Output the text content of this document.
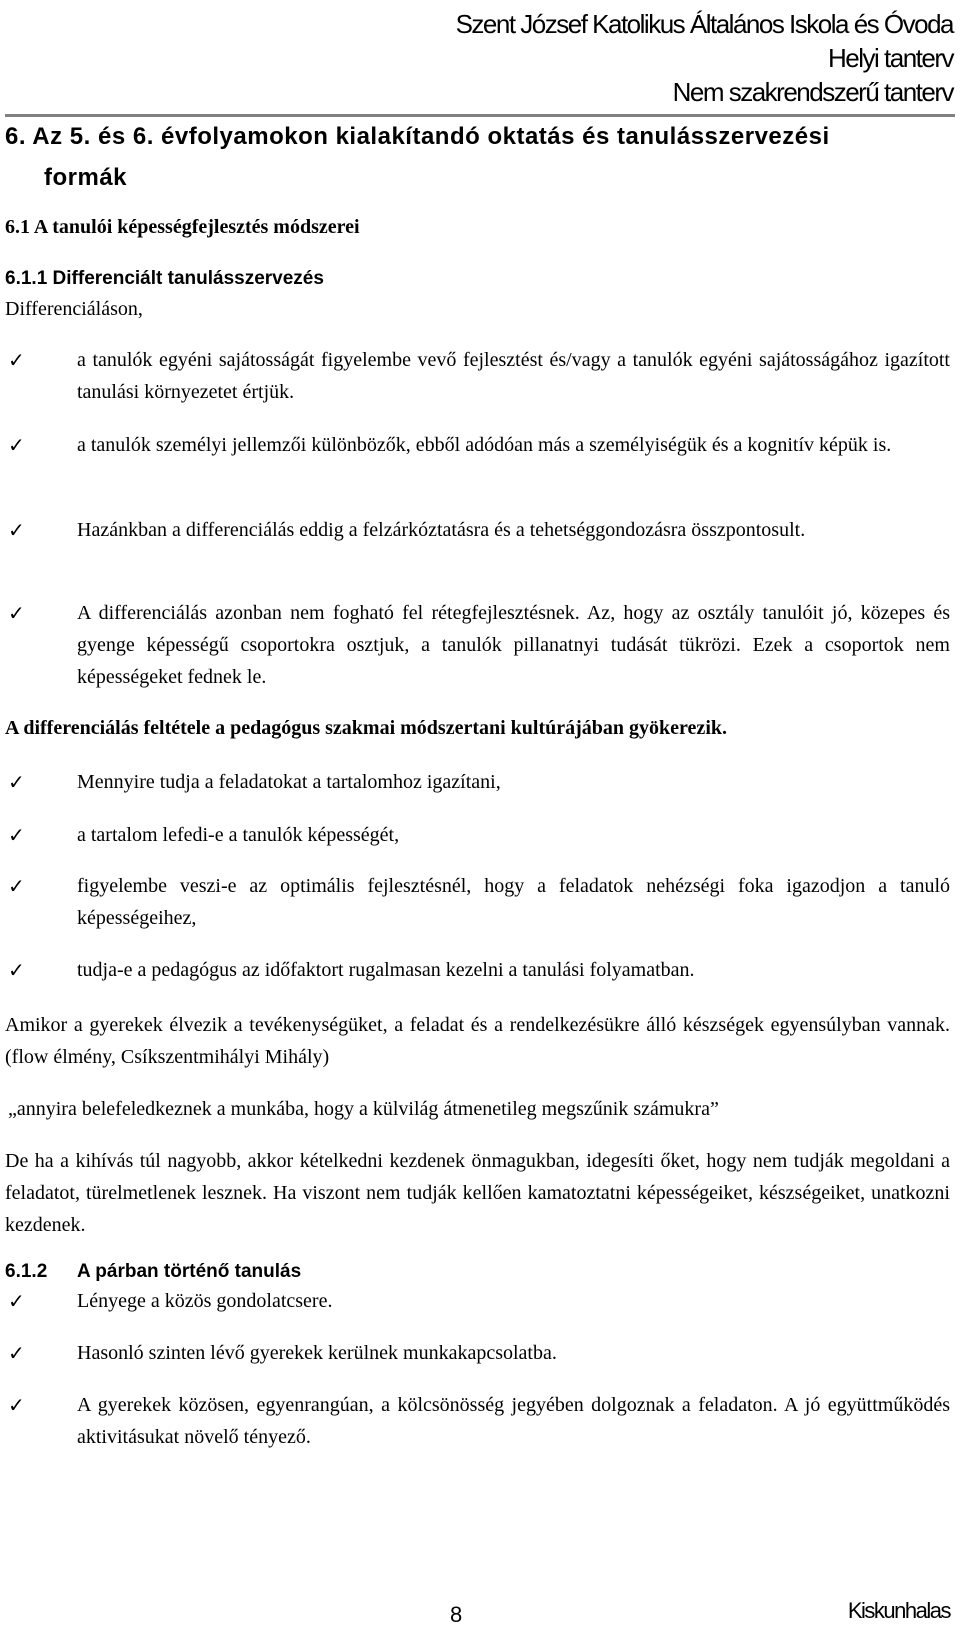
Szent József Katolikus Általános Iskola és Óvoda
Helyi tanterv
Nem szakrendszerű tanterv
6. Az 5. és 6. évfolyamokon kialakítandó oktatás és tanulásszervezési
formák
6.1 A tanulói képességfejlesztés módszerei
6.1.1 Differenciált tanulásszervezés
Differenciáláson,
✓	a tanulók egyéni sajátosságát figyelembe vevő fejlesztést és/vagy a tanulók egyéni sajátosságához igazított tanulási környezetet értjük.
✓	a tanulók személyi jellemzői különbözők, ebből adódóan más a személyiségük és a kognitív képük is.
✓	Hazánkban a differenciálás eddig a felzárkóztatásra és a tehetséggondozásra összpontosult.
✓	A differenciálás azonban nem fogható fel rétegfejlesztésnek. Az, hogy az osztály tanulóit jó, közepes és gyenge képességű csoportokra osztjuk, a tanulók pillanatnyi tudását tükrözi. Ezek a csoportok nem képességeket fednek le.
A differenciálás feltétele a pedagógus szakmai módszertani kultúrájában gyökerezik.
✓	Mennyire tudja a feladatokat a tartalomhoz igazítani,
✓	a tartalom lefedi-e a tanulók képességét,
✓	figyelembe veszi-e az optimális fejlesztésnél, hogy a feladatok nehézségi foka igazodjon a tanuló képességeihez,
✓	tudja-e a pedagógus az időfaktort rugalmasan kezelni a tanulási folyamatban.
Amikor a gyerekek élvezik a tevékenységüket, a feladat és a rendelkezésükre álló készségek egyensúlyban vannak. (flow élmény, Csíkszentmihályi Mihály)
„annyira belefeledkeznek a munkába, hogy a külvilág átmenetileg megszűnik számukra”
De ha a kihívás túl nagyobb, akkor kételkedni kezdenek önmagukban, idegesíti őket, hogy nem tudják megoldani a feladatot, türelmetlenek lesznek. Ha viszont nem tudják kellően kamatoztatni képességeiket, készségeiket, unatkozni kezdenek.
6.1.2 A párban történő tanulás
✓	Lényege a közös gondolatcsere.
✓	Hasonló szinten lévő gyerekek kerülnek munkakapcsolatba.
✓	A gyerekek közösen, egyenrangúan, a kölcsönösség jegyében dolgoznak a feladaton. A jó együttműködés aktivitásukat növelő tényező.
8	Kiskunhalas
